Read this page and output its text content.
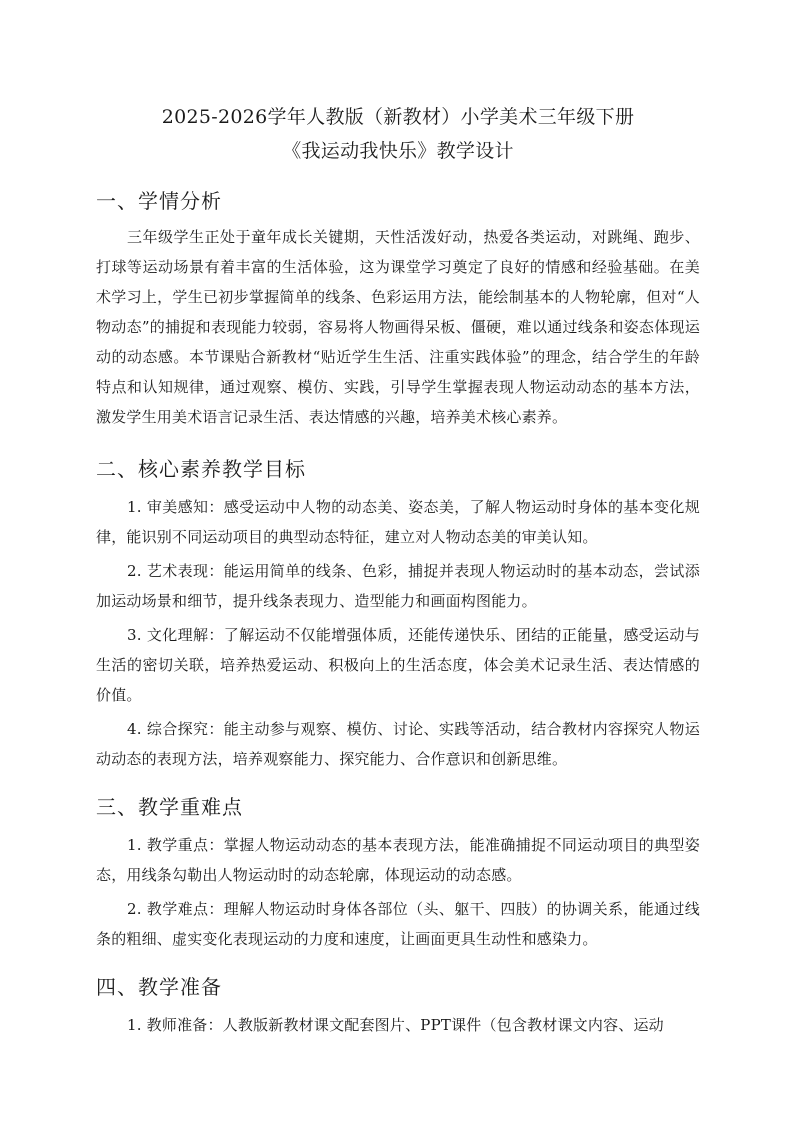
2025-2026学年人教版（新教材）小学美术三年级下册
《我运动我快乐》教学设计
一、学情分析

三年级学生正处于童年成长关键期，天性活泼好动，热爱各类运动，对跳绳、跑步、打球等运动场景有着丰富的生活体验，这为课堂学习奠定了良好的情感和经验基础。在美术学习上，学生已初步掌握简单的线条、色彩运用方法，能绘制基本的人物轮廓，但对“人物动态”的捕捉和表现能力较弱，容易将人物画得呆板、僵硬，难以通过线条和姿态体现运动的动态感。本节课贴合新教材“贴近学生生活、注重实践体验”的理念，结合学生的年龄特点和认知规律，通过观察、模仿、实践，引导学生掌握表现人物运动动态的基本方法，激发学生用美术语言记录生活、表达情感的兴趣，培养美术核心素养。

二、核心素养教学目标

1. 审美感知：感受运动中人物的动态美、姿态美，了解人物运动时身体的基本变化规律，能识别不同运动项目的典型动态特征，建立对人物动态美的审美认知。

2. 艺术表现：能运用简单的线条、色彩，捕捉并表现人物运动时的基本动态，尝试添加运动场景和细节，提升线条表现力、造型能力和画面构图能力。

3. 文化理解：了解运动不仅能增强体质，还能传递快乐、团结的正能量，感受运动与生活的密切关联，培养热爱运动、积极向上的生活态度，体会美术记录生活、表达情感的价值。

4. 综合探究：能主动参与观察、模仿、讨论、实践等活动，结合教材内容探究人物运动动态的表现方法，培养观察能力、探究能力、合作意识和创新思维。

三、教学重难点

1. 教学重点：掌握人物运动动态的基本表现方法，能准确捕捉不同运动项目的典型姿态，用线条勾勒出人物运动时的动态轮廓，体现运动的动态感。

2. 教学难点：理解人物运动时身体各部位（头、躯干、四肢）的协调关系，能通过线条的粗细、虚实变化表现运动的力度和速度，让画面更具生动性和感染力。

四、教学准备

1. 教师准备：人教版新教材课文配套图片、PPT课件（包含教材课文内容、运动
